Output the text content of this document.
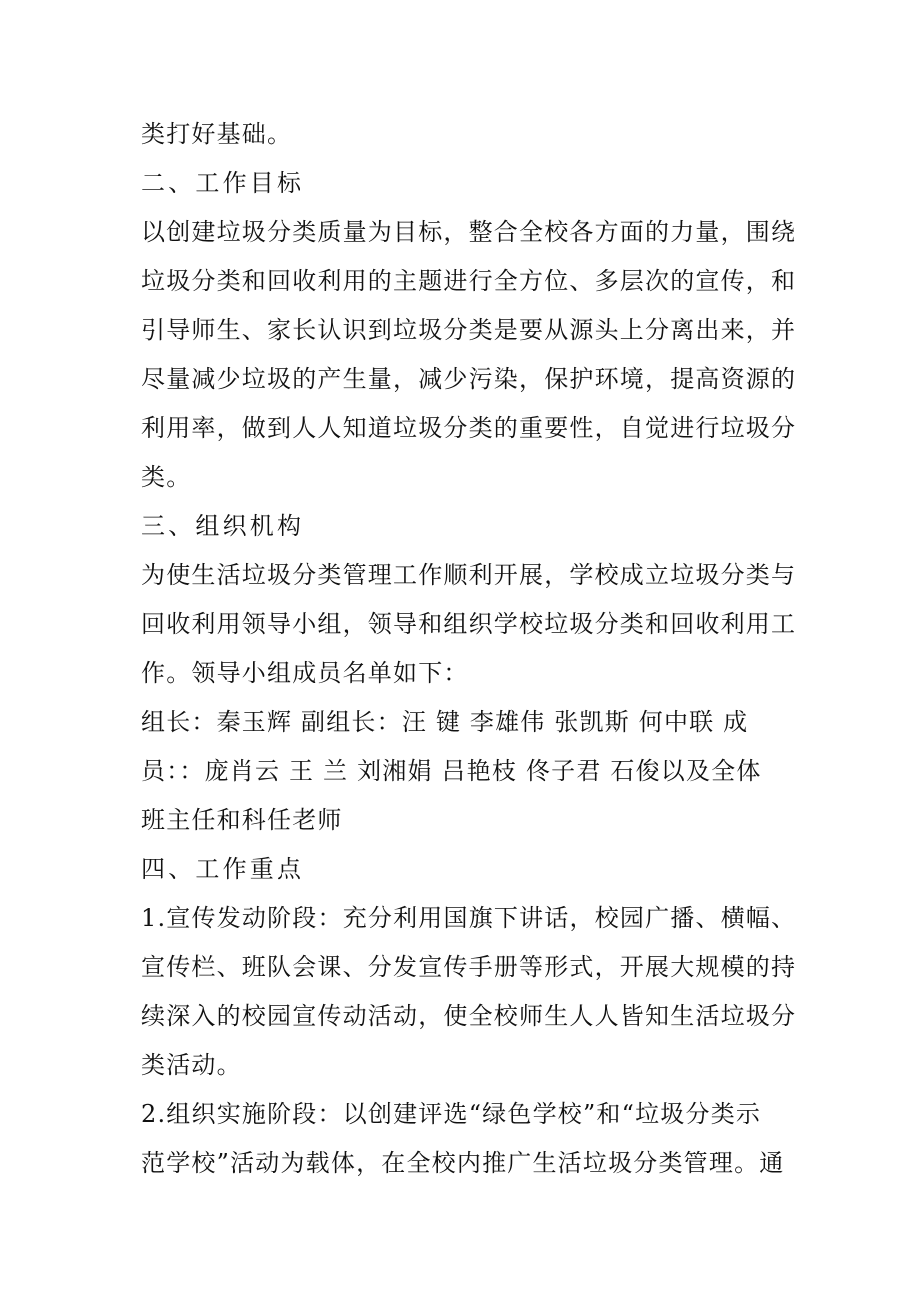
类打好基础。
二、工作目标
以创建垃圾分类质量为目标，整合全校各方面的力量，围绕
垃圾分类和回收利用的主题进行全方位、多层次的宣传，和
引导师生、家长认识到垃圾分类是要从源头上分离出来，并
尽量减少垃圾的产生量，减少污染，保护环境，提高资源的
利用率，做到人人知道垃圾分类的重要性，自觉进行垃圾分
类。
三、组织机构
为使生活垃圾分类管理工作顺利开展，学校成立垃圾分类与
回收利用领导小组，领导和组织学校垃圾分类和回收利用工
作。领导小组成员名单如下：
组长：秦玉辉 副组长：汪 键 李雄伟 张凯斯 何中联 成
员：：庞肖云 王 兰 刘湘娟 吕艳枝 佟子君 石俊以及全体
班主任和科任老师
四、工作重点
1.宣传发动阶段：充分利用国旗下讲话，校园广播、横幅、
宣传栏、班队会课、分发宣传手册等形式，开展大规模的持
续深入的校园宣传动活动，使全校师生人人皆知生活垃圾分
类活动。
2.组织实施阶段：以创建评选“绿色学校”和“垃圾分类示
范学校”活动为载体，在全校内推广生活垃圾分类管理。通
